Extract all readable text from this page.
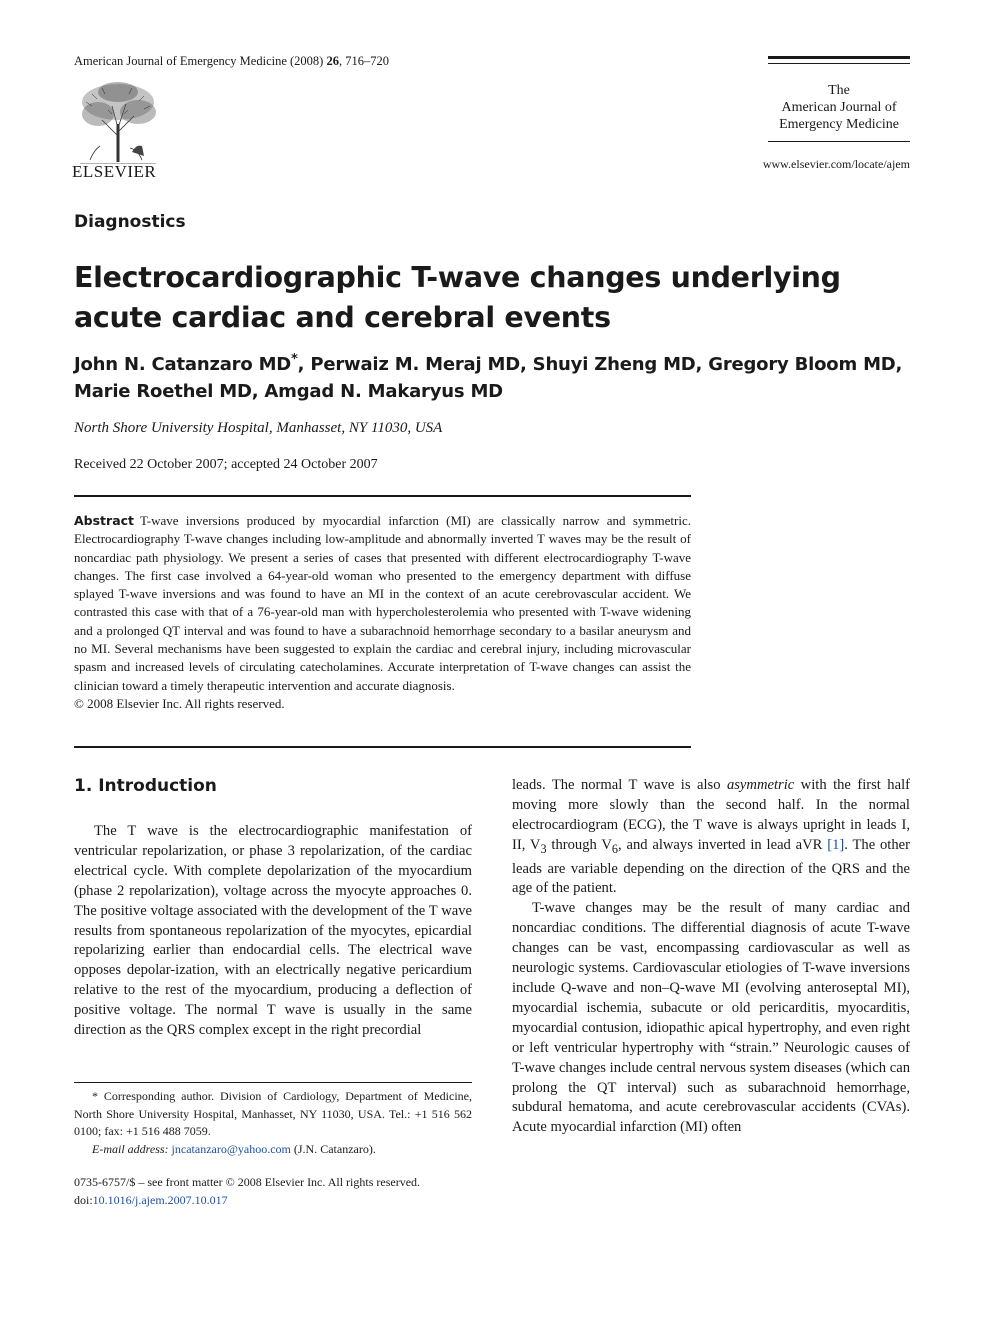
American Journal of Emergency Medicine (2008) 26, 716–720
ELSEVIER
The
American Journal of
Emergency Medicine
www.elsevier.com/locate/ajem
Diagnostics
Electrocardiographic T-wave changes underlying acute cardiac and cerebral events
John N. Catanzaro MD*, Perwaiz M. Meraj MD, Shuyi Zheng MD, Gregory Bloom MD,
Marie Roethel MD, Amgad N. Makaryus MD
North Shore University Hospital, Manhasset, NY 11030, USA
Received 22 October 2007; accepted 24 October 2007
Abstract T-wave inversions produced by myocardial infarction (MI) are classically narrow and symmetric. Electrocardiography T-wave changes including low-amplitude and abnormally inverted T waves may be the result of noncardiac path physiology. We present a series of cases that presented with different electrocardiography T-wave changes. The first case involved a 64-year-old woman who presented to the emergency department with diffuse splayed T-wave inversions and was found to have an MI in the context of an acute cerebrovascular accident. We contrasted this case with that of a 76-year-old man with hypercholesterolemia who presented with T-wave widening and a prolonged QT interval and was found to have a subarachnoid hemorrhage secondary to a basilar aneurysm and no MI. Several mechanisms have been suggested to explain the cardiac and cerebral injury, including microvascular spasm and increased levels of circulating catecholamines. Accurate interpretation of T-wave changes can assist the clinician toward a timely therapeutic intervention and accurate diagnosis.
© 2008 Elsevier Inc. All rights reserved.
1. Introduction

The T wave is the electrocardiographic manifestation of ventricular repolarization, or phase 3 repolarization, of the cardiac electrical cycle. With complete depolarization of the myocardium (phase 2 repolarization), voltage across the myocyte approaches 0. The positive voltage associated with the development of the T wave results from spontaneous repolarization of the myocytes, epicardial repolarizing earlier than endocardial cells. The electrical wave opposes depolar-ization, with an electrically negative pericardium relative to the rest of the myocardium, producing a deflection of positive voltage. The normal T wave is usually in the same direction as the QRS complex except in the right precordial

leads. The normal T wave is also asymmetric with the first half moving more slowly than the second half. In the normal electrocardiogram (ECG), the T wave is always upright in leads I, II, $V_3$ through $V_6$, and always inverted in lead aVR [1]. The other leads are variable depending on the direction of the QRS and the age of the patient.

T-wave changes may be the result of many cardiac and noncardiac conditions. The differential diagnosis of acute T-wave changes can be vast, encompassing cardiovascular as well as neurologic systems. Cardiovascular etiologies of T-wave inversions include Q-wave and non–Q-wave MI (evolving anteroseptal MI), myocardial ischemia, subacute or old pericarditis, myocarditis, myocardial contusion, idiopathic apical hypertrophy, and even right or left ventricular hypertrophy with “strain.” Neurologic causes of T-wave changes include central nervous system diseases (which can prolong the QT interval) such as subarachnoid hemorrhage, subdural hematoma, and acute cerebrovascular accidents (CVAs). Acute myocardial infarction (MI) often

* Corresponding author. Division of Cardiology, Department of Medicine, North Shore University Hospital, Manhasset, NY 11030, USA. Tel.: +1 516 562 0100; fax: +1 516 488 7059.

E-mail address: jncatanzaro@yahoo.com (J.N. Catanzaro).

0735-6757/$ – see front matter © 2008 Elsevier Inc. All rights reserved.
doi:10.1016/j.ajem.2007.10.017
